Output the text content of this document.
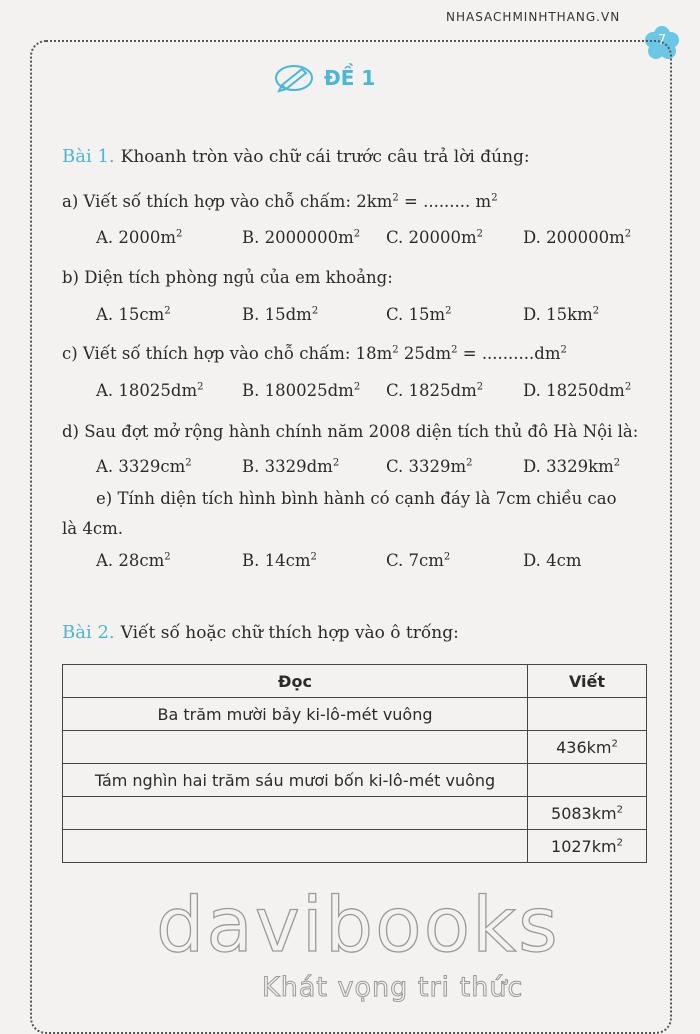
NHASACHMINHTHANG.VN
7
ĐỀ 1
Bài 1. Khoanh tròn vào chữ cái trước câu trả lời đúng:
a) Viết số thích hợp vào chỗ chấm: $2km^2$ = ......... $m^2$
A. $2000m^2$	B. $2000000m^2$ C. $20000m^2$ D. $200000m^2$
b) Diện tích phòng ngủ của em khoảng:
A. $15cm^2$	B. $15dm^2$	C. $15m^2$	D. $15km^2$
c) Viết số thích hợp vào chỗ chấm: $18m^2$ $25dm^2 = ..........dm^2$
A. $18025dm^2$ B. $180025dm^2$ C. $1825dm^2$ D. $18250dm^2$
d) Sau đợt mở rộng hành chính năm 2008 diện tích thủ đô Hà Nội là:
A. $3329cm^2$	B. $3329dm^2$	C. $3329m^2$	D. $3329km^2$
e) Tính diện tích hình bình hành có cạnh đáy là 7cm chiều cao
là 4cm.
A. $28cm^2$	B. $14cm^2$	C. $7cm^2$	D. 4cm
Bài 2. Viết số hoặc chữ thích hợp vào ô trống:
Đọc	Viết
Ba trăm mười bảy ki-lô-mét vuông	
	$436km^2$
Tám nghìn hai trăm sáu mươi bốn ki-lô-mét vuông	
	$5083km^2$
	$1027km^2$
davibooks
Khát vọng tri thức
